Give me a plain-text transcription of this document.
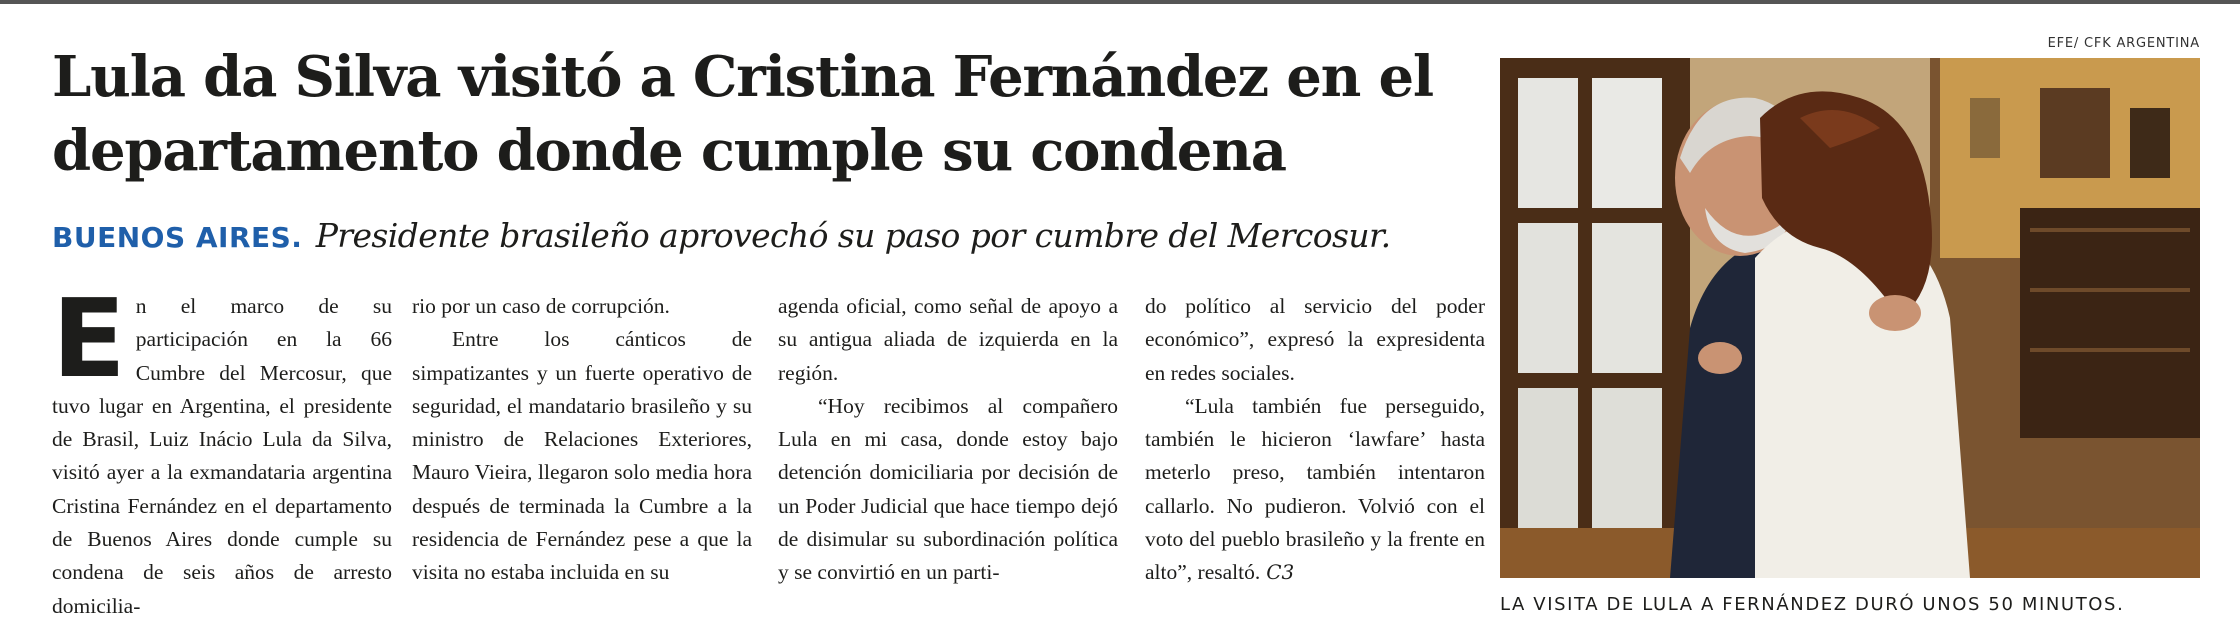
Lula da Silva visitó a Cristina Fernández en el departamento donde cumple su condena

BUENOS AIRES. Presidente brasileño aprovechó su paso por cumbre del Mercosur.

E n el marco de su participación en la 66 Cumbre del Mercosur, que tuvo lugar en Argentina, el presidente de Brasil, Luiz Inácio Lula da Silva, visitó ayer a la exmandataria argentina Cristina Fernández en el departamento de Buenos Aires donde cumple su condena de seis años de arresto domicilia-

rio por un caso de corrupción.

Entre los cánticos de simpatizantes y un fuerte operativo de seguridad, el mandatario brasileño y su ministro de Relaciones Exteriores, Mauro Vieira, llegaron solo media hora después de terminada la Cumbre a la residencia de Fernández pese a que la visita no estaba incluida en su

agenda oficial, como señal de apoyo a su antigua aliada de izquierda en la región.

“Hoy recibimos al compañero Lula en mi casa, donde estoy bajo detención domiciliaria por decisión de un Poder Judicial que hace tiempo dejó de disimular su subordinación política y se convirtió en un parti-

do político al servicio del poder económico”, expresó la expresidenta en redes sociales.

“Lula también fue perseguido, también le hicieron ‘lawfare’ hasta meterlo preso, también intentaron callarlo. No pudieron. Volvió con el voto del pueblo brasileño y la frente en alto”, resaltó. C3

EFE/ CFK ARGENTINA

LA VISITA DE LULA A FERNÁNDEZ DURÓ UNOS 50 MINUTOS.
